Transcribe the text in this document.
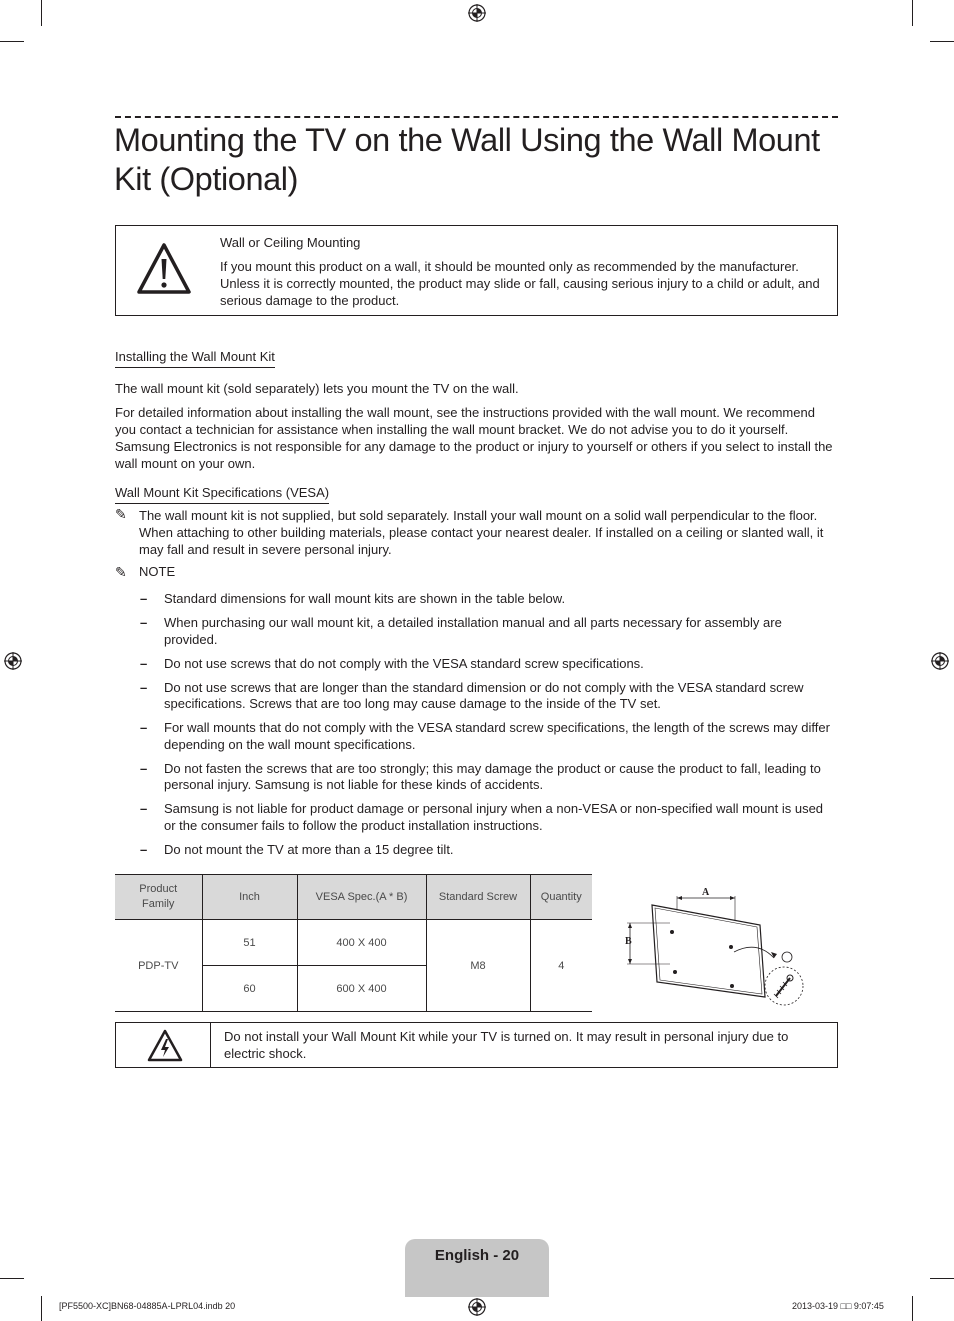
Mounting the TV on the Wall Using the Wall Mount Kit (Optional)
Wall or Ceiling Mounting
If you mount this product on a wall, it should be mounted only as recommended by the manufacturer. Unless it is correctly mounted, the product may slide or fall, causing serious injury to a child or adult, and serious damage to the product.
Installing the Wall Mount Kit

The wall mount kit (sold separately) lets you mount the TV on the wall.

For detailed information about installing the wall mount, see the instructions provided with the wall mount. We recommend you contact a technician for assistance when installing the wall mount bracket. We do not advise you to do it yourself. Samsung Electronics is not responsible for any damage to the product or injury to yourself or others if you select to install the wall mount on your own.

Wall Mount Kit Specifications (VESA)
✎ The wall mount kit is not supplied, but sold separately. Install your wall mount on a solid wall perpendicular to the floor. When attaching to other building materials, please contact your nearest dealer. If installed on a ceiling or slanted wall, it may fall and result in severe personal injury.

✎ NOTE
– Standard dimensions for wall mount kits are shown in the table below.
– When purchasing our wall mount kit, a detailed installation manual and all parts necessary for assembly are provided.
– Do not use screws that do not comply with the VESA standard screw specifications.
– Do not use screws that are longer than the standard dimension or do not comply with the VESA standard screw specifications. Screws that are too long may cause damage to the inside of the TV set.
– For wall mounts that do not comply with the VESA standard screw specifications, the length of the screws may differ depending on the wall mount specifications.
– Do not fasten the screws that are too strongly; this may damage the product or cause the product to fall, leading to personal injury. Samsung is not liable for these kinds of accidents.
– Samsung is not liable for product damage or personal injury when a non-VESA or non-specified wall mount is used or the consumer fails to follow the product installation instructions.
– Do not mount the TV at more than a 15 degree tilt.
Product Family	Inch	VESA Spec.(A * B)	Standard Screw	Quantity
PDP-TV	51	400 X 400	M8	4
	60	600 X 400		
A
B
Do not install your Wall Mount Kit while your TV is turned on. It may result in personal injury due to electric shock.
English - 20
[PF5500-XC]BN68-04885A-LPRL04.indb 20	2013-03-19 □□ 9:07:45
